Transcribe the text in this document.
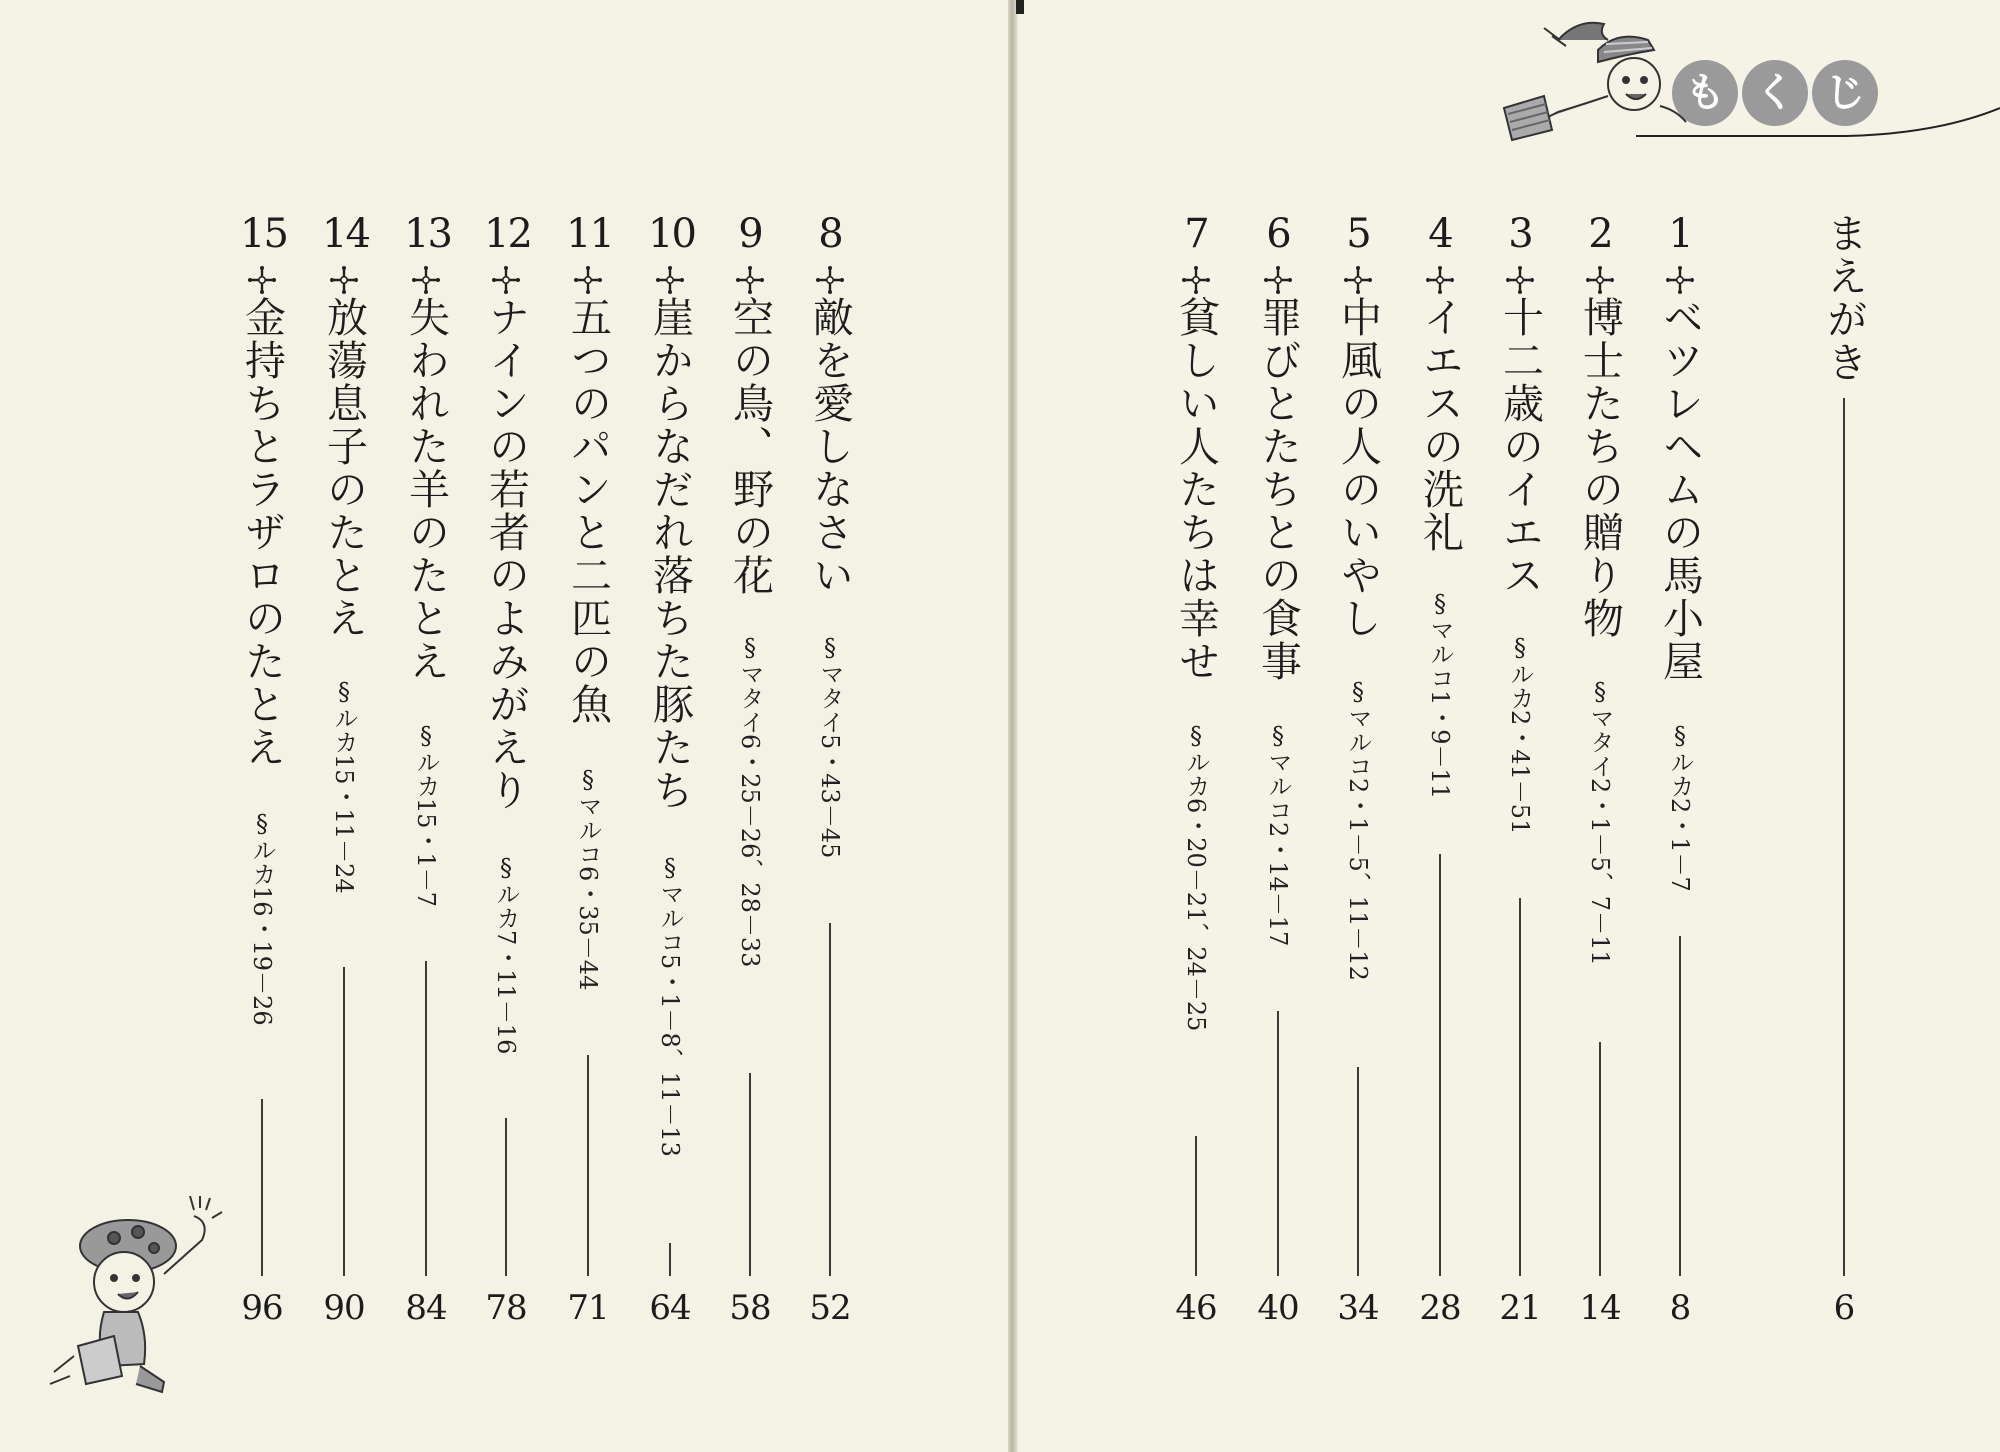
も く じ
まえがき
6
1
ベツレヘムの馬小屋
§ルカ2・1－7
8
2
博士たちの贈り物
§マタイ2・1－5、7－11
14
3
十二歳のイエス
§ルカ2・41－51
21
4
イエスの洗礼
§マルコ1・9－11
28
5
中風の人のいやし
§マルコ2・1－5、11－12
34
6
罪びとたちとの食事
§マルコ2・14－17
40
7
貧しい人たちは幸せ
§ルカ6・20－21、24－25
46
8
敵を愛しなさい
§マタイ5・43－45
52
9
空の鳥、野の花
§マタイ6・25－26、28－33
58
10
崖からなだれ落ちた豚たち
§マルコ5・1－8、11－13
64
11
五つのパンと二匹の魚
§マルコ6・35－44
71
12
ナインの若者のよみがえり
§ルカ7・11－16
78
13
失われた羊のたとえ
§ルカ15・1－7
84
14
放蕩息子のたとえ
§ルカ15・11－24
90
15
金持ちとラザロのたとえ
§ルカ16・19－26
96
